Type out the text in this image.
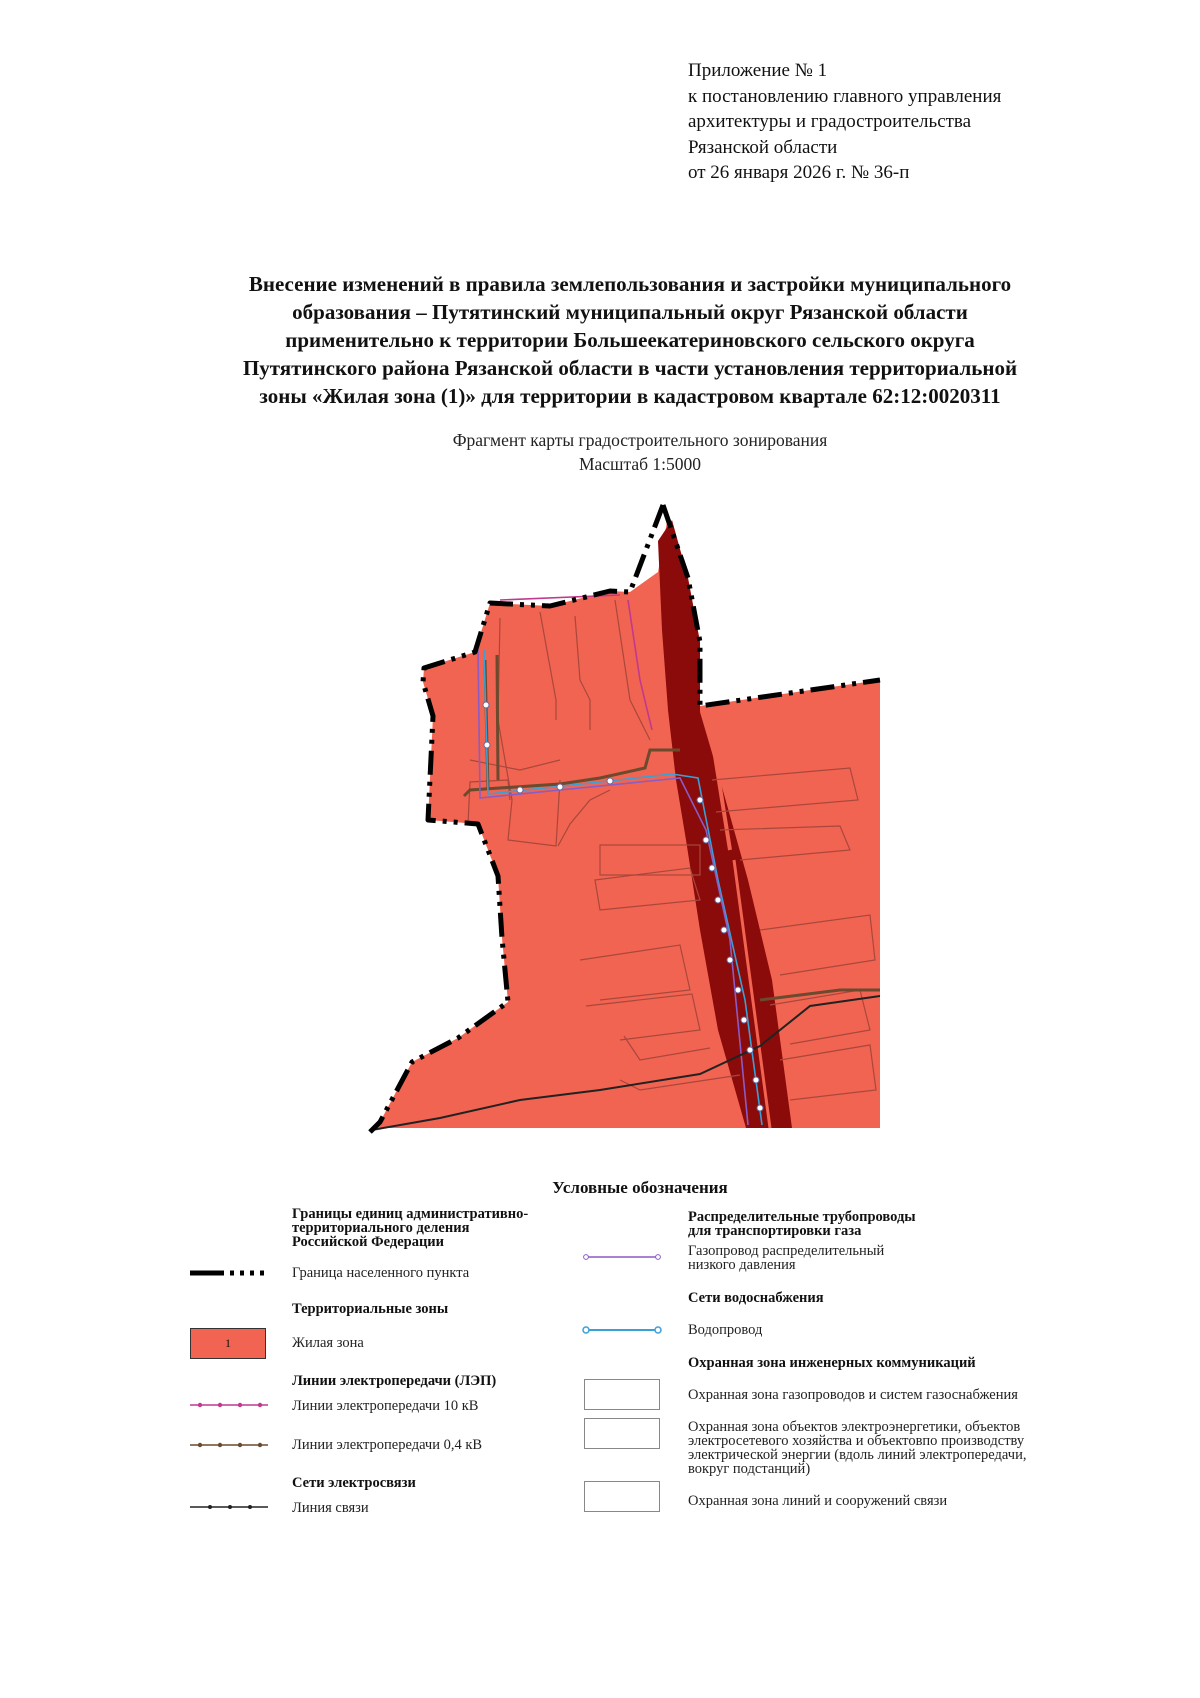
Приложение № 1
к постановлению главного управления
архитектуры и градостроительства
Рязанской области
от 26 января 2026 г. № 36-п
Внесение изменений в правила землепользования и застройки муниципального
образования – Путятинский муниципальный округ Рязанской области
применительно к территории Большеекатериновского сельского округа
Путятинского района Рязанской области в части установления территориальной
зоны «Жилая зона (1)» для территории в кадастровом квартале 62:12:0020311
Фрагмент карты градостроительного зонирования
Масштаб 1:5000
Условные обозначения
Границы единиц административно-
территориального деления
Российской Федерации
Граница населенного пункта
Территориальные зоны
1	Жилая зона
Линии электропередачи (ЛЭП)
Линии электропередачи 10 кВ
Линии электропередачи 0,4 кВ
Сети электросвязи
Линия связи
Распределительные трубопроводы
для транспортировки газа
Газопровод распределительный
низкого давления
Сети водоснабжения
Водопровод
Охранная зона инженерных коммуникаций
Охранная зона газопроводов и систем газоснабжения
Охранная зона объектов электроэнергетики, объектов
электросетевого хозяйства и объектовпо производству
электрической энергии (вдоль линий электропередачи,
вокруг подстанций)
Охранная зона линий и сооружений связи
